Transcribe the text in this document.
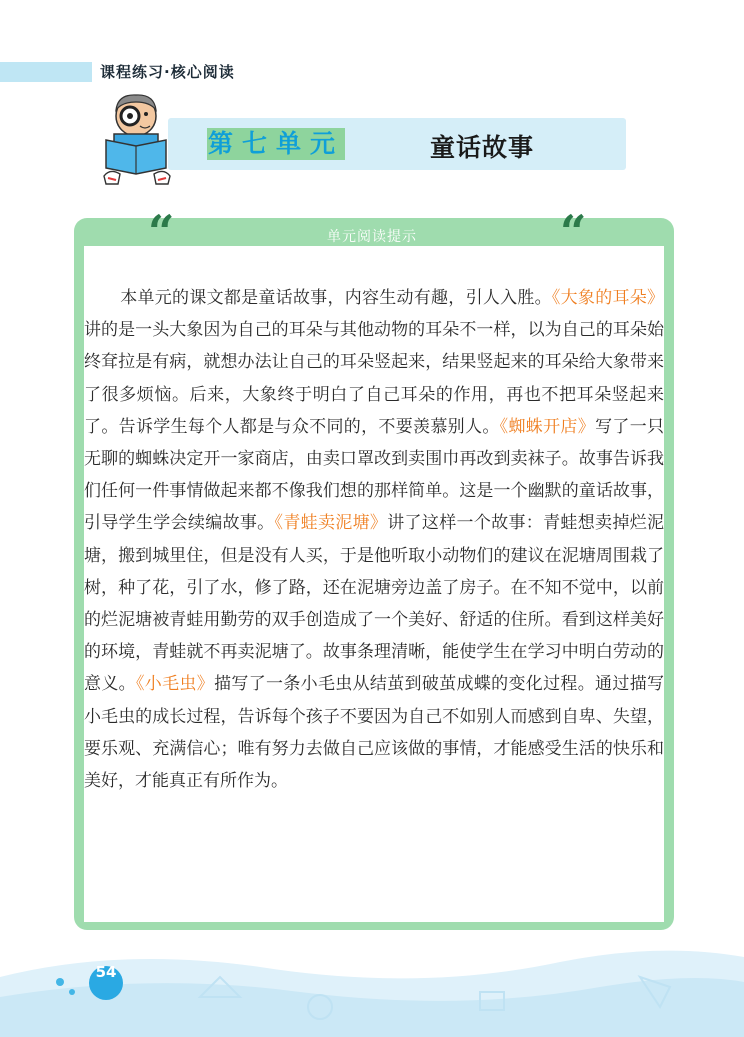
课程练习·核心阅读
第七单元	童话故事
“	“
单元阅读提示
本单元的课文都是童话故事，内容生动有趣，引人入胜。《大象的耳朵》讲的是一头大象因为自己的耳朵与其他动物的耳朵不一样，以为自己的耳朵始终耷拉是有病，就想办法让自己的耳朵竖起来，结果竖起来的耳朵给大象带来了很多烦恼。后来，大象终于明白了自己耳朵的作用，再也不把耳朵竖起来了。告诉学生每个人都是与众不同的，不要羡慕别人。《蜘蛛开店》写了一只无聊的蜘蛛决定开一家商店，由卖口罩改到卖围巾再改到卖袜子。故事告诉我们任何一件事情做起来都不像我们想的那样简单。这是一个幽默的童话故事，引导学生学会续编故事。《青蛙卖泥塘》讲了这样一个故事：青蛙想卖掉烂泥塘，搬到城里住，但是没有人买，于是他听取小动物们的建议在泥塘周围栽了树，种了花，引了水，修了路，还在泥塘旁边盖了房子。在不知不觉中，以前的烂泥塘被青蛙用勤劳的双手创造成了一个美好、舒适的住所。看到这样美好的环境，青蛙就不再卖泥塘了。故事条理清晰，能使学生在学习中明白劳动的意义。《小毛虫》描写了一条小毛虫从结茧到破茧成蝶的变化过程。通过描写小毛虫的成长过程，告诉每个孩子不要因为自己不如别人而感到自卑、失望，要乐观、充满信心；唯有努力去做自己应该做的事情，才能感受生活的快乐和美好，才能真正有所作为。
54
